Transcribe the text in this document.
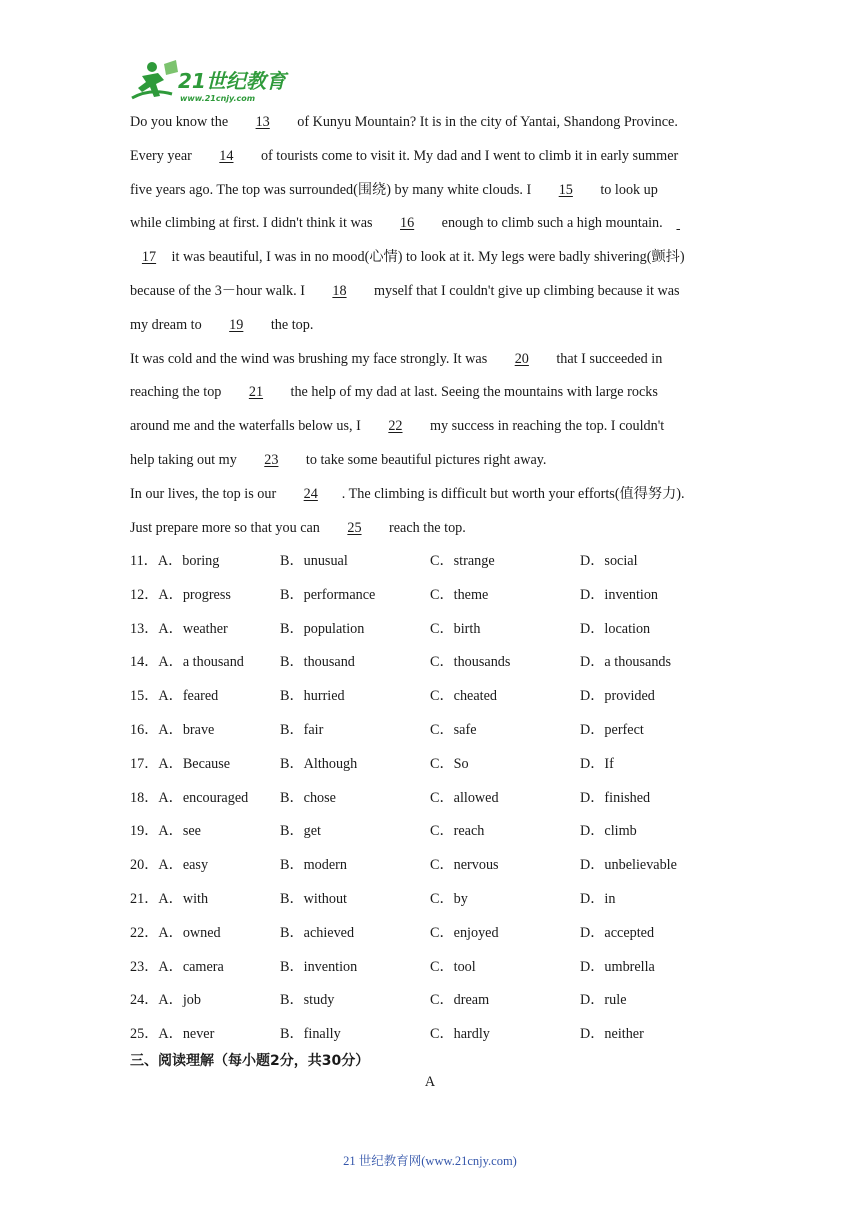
21世纪教育
www.21cnjy.com
Do you know the 13 of Kunyu Mountain? It is in the city of Yantai, Shandong Province.
Every year 14 of tourists come to visit it. My dad and I went to climb it in early summer
five years ago. The top was surrounded(围绕) by many white clouds. I 15 to look up
while climbing at first. I didn't think it was 16 enough to climb such a high mountain.
17 it was beautiful, I was in no mood(心情) to look at it. My legs were badly shivering(颤抖)
because of the 3－hour walk. I 18 myself that I couldn't give up climbing because it was
my dream to 19 the top.
It was cold and the wind was brushing my face strongly. It was 20 that I succeeded in
reaching the top 21 the help of my dad at last. Seeing the mountains with large rocks
around me and the waterfalls below us, I 22 my success in reaching the top. I couldn't
help taking out my 23 to take some beautiful pictures right away.
In our lives, the top is our 24 . The climbing is difficult but worth your efforts(值得努力).
Just prepare more so that you can 25 reach the top.
11．A．boring	B．unusual	C．strange	D．social
12．A．progress	B．performance	C．theme	D．invention
13．A．weather	B．population	C．birth	D．location
14．A．a thousand	B．thousand	C．thousands	D．a thousands
15．A．feared	B．hurried	C．cheated	D．provided
16．A．brave	B．fair	C．safe	D．perfect
17．A．Because	B．Although	C．So	D．If
18．A．encouraged B．chose	C．allowed	D．finished
19．A．see	B．get	C．reach	D．climb
20．A．easy	B．modern	C．nervous	D．unbelievable
21．A．with	B．without	C．by	D．in
22．A．owned	B．achieved	C．enjoyed	D．accepted
23．A．camera	B．invention	C．tool	D．umbrella
24．A．job	B．study	C．dream	D．rule
25．A．never	B．finally	C．hardly	D．neither
三、阅读理解（每小题2分，共30分）
A
21 世纪教育网(www.21cnjy.com)
